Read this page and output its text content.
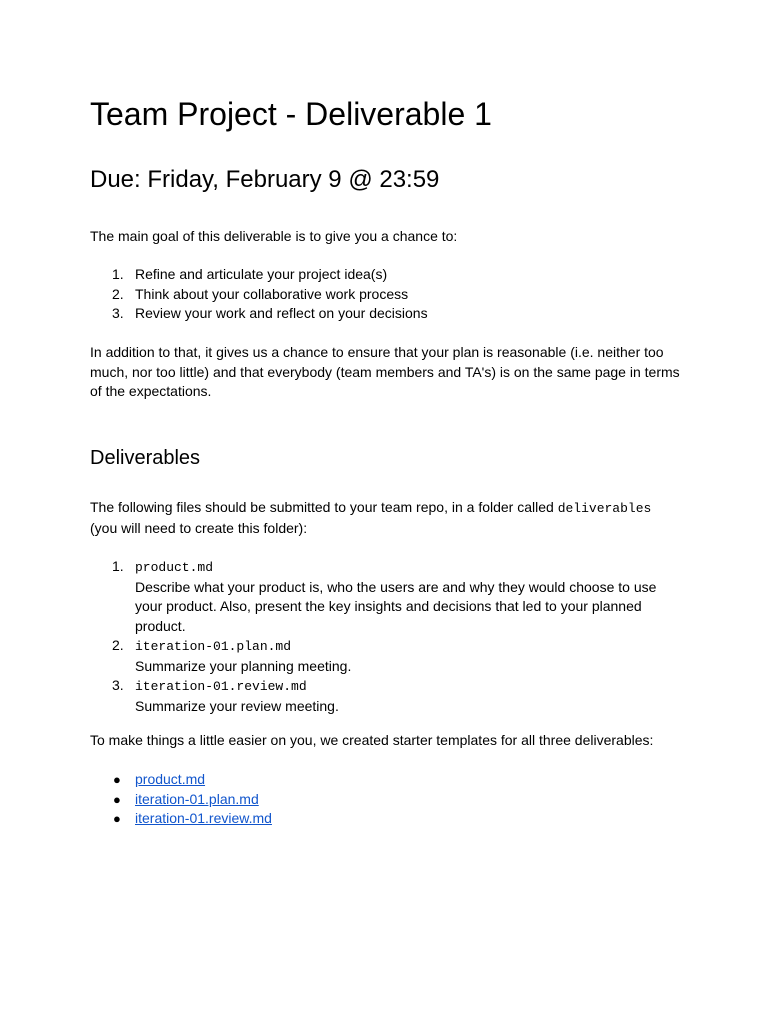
Team Project - Deliverable 1
Due: Friday, February 9 @ 23:59

The main goal of this deliverable is to give you a chance to:

1. Refine and articulate your project idea(s)
2. Think about your collaborative work process
3. Review your work and reflect on your decisions

In addition to that, it gives us a chance to ensure that your plan is reasonable (i.e. neither too much, nor too little) and that everybody (team members and TA's) is on the same page in terms of the expectations.

Deliverables

The following files should be submitted to your team repo, in a folder called deliverables (you will need to create this folder):

1. product.md
Describe what your product is, who the users are and why they would choose to use your product. Also, present the key insights and decisions that led to your planned product.
2. iteration-01.plan.md
Summarize your planning meeting.
3. iteration-01.review.md
Summarize your review meeting.

To make things a little easier on you, we created starter templates for all three deliverables:

● product.md
● iteration-01.plan.md
● iteration-01.review.md
